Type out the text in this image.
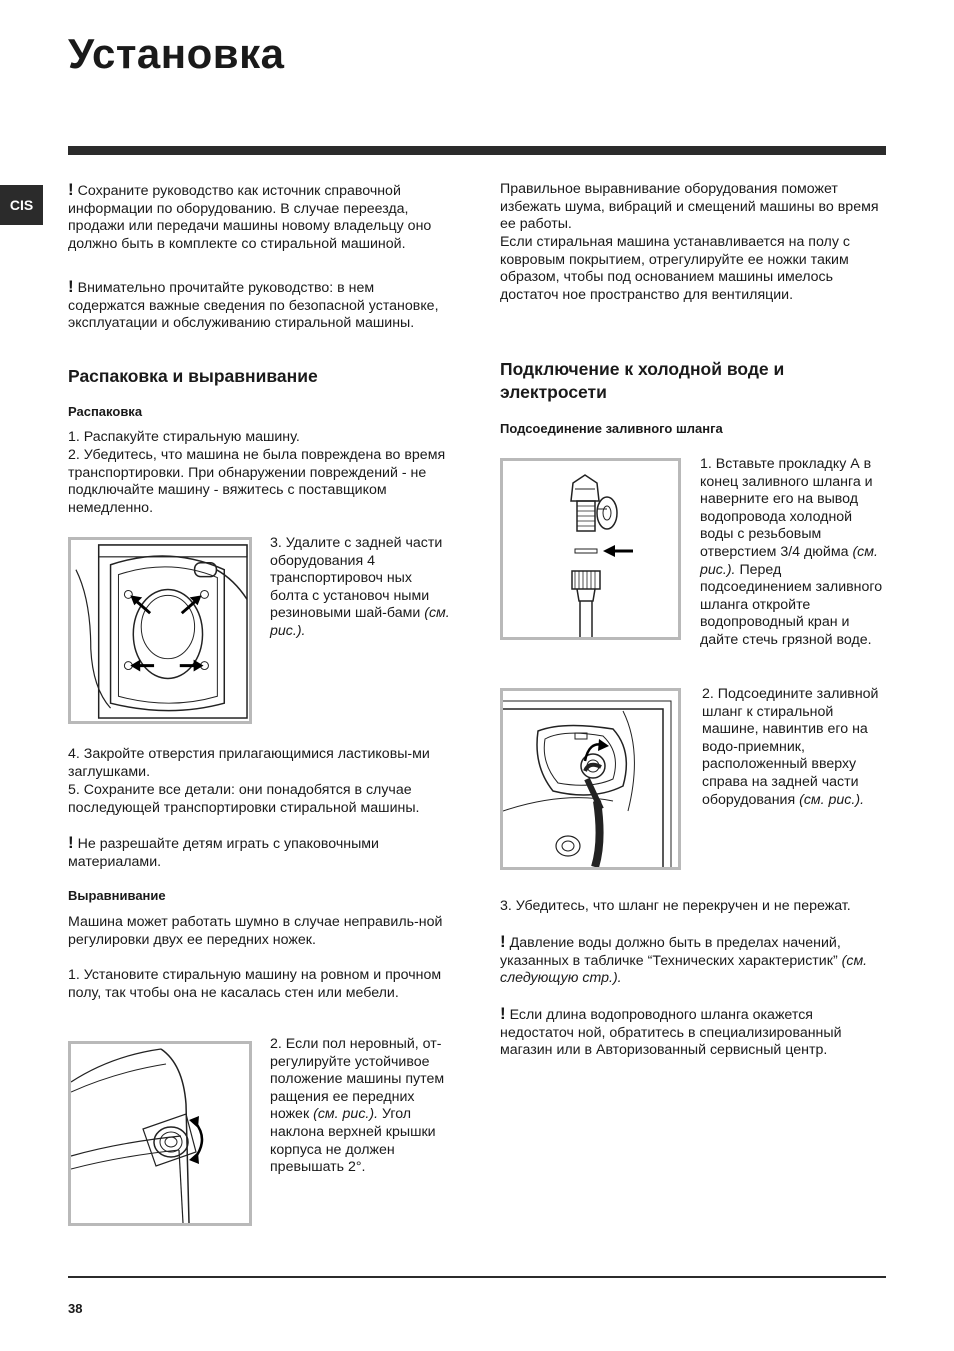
Установка
CIS

! Сохраните руководство как источник справочной информации по оборудованию. В случае переезда, продажи или передачи машины новому владельцу оно должно быть в комплекте со стиральной машиной.

! Внимательно прочитайте руководство: в нем содержатся важные сведения по безопасной установке, эксплуатации и обслуживанию стиральной машины.

Распаковка и выравнивание
Распаковка

1. Распакуйте стиральную машину.

2. Убедитесь, что машина не была повреждена во время транспортировки. При обнаружении повреждений - не подключайте машину - вяжитесь с поставщиком немедленно.

3. Удалите с задней части оборудования 4 транспортировоч ных болта с установоч ными резиновыми шай-бами (см. рис.).

4. Закройте отверстия прилагающимися ластиковы-ми заглушками.

5. Сохраните все детали: они понадобятся в случае последующей транспортировки стиральной машины.

! Не разрешайте детям играть с упаковочными материалами.

Выравнивание

Машина может работать шумно в случае неправиль-ной регулировки двух ее передних ножек.

1. Установите стиральную машину на ровном и прочном полу, так чтобы она не касалась стен или мебели.

2. Если пол неровный, от-регулируйте устойчивое положение машины путем ращения ее передних ножек (см. рис.). Угол наклона верхней крышки корпуса не должен превышать 2°.

Правильное выравнивание оборудования поможет избежать шума, вибраций и смещений машины во время ее работы.

Если стиральная машина устанавливается на полу с ковровым покрытием, отрегулируйте ее ножки таким образом, чтобы под основанием машины имелось достаточ ное пространство для вентиляции.

Подключение к холодной воде и электросети
Подсоединение заливного шланга

1. Вставьте прокладку А в конец заливного шланга и наверните его на вывод водопровода холодной воды с резьбовым отверстием 3/4 дюйма (см. рис.). Перед подсоединением заливного шланга откройте водопроводный кран и дайте стечь грязной воде.

2. Подсоедините заливной шланг к стиральной машине, навинтив его на водо-приемник, расположенный вверху справа на задней части оборудования (см. рис.).

3. Убедитесь, что шланг не перекручен и не пережат.

! Давление воды должно быть в пределах начений, указанных в табличке “Технических характеристик” (см. следующую стр.).

! Если длина водопроводного шланга окажется недостаточ ной, обратитесь в специализированный магазин или в Авторизованный сервисный центр.

38
